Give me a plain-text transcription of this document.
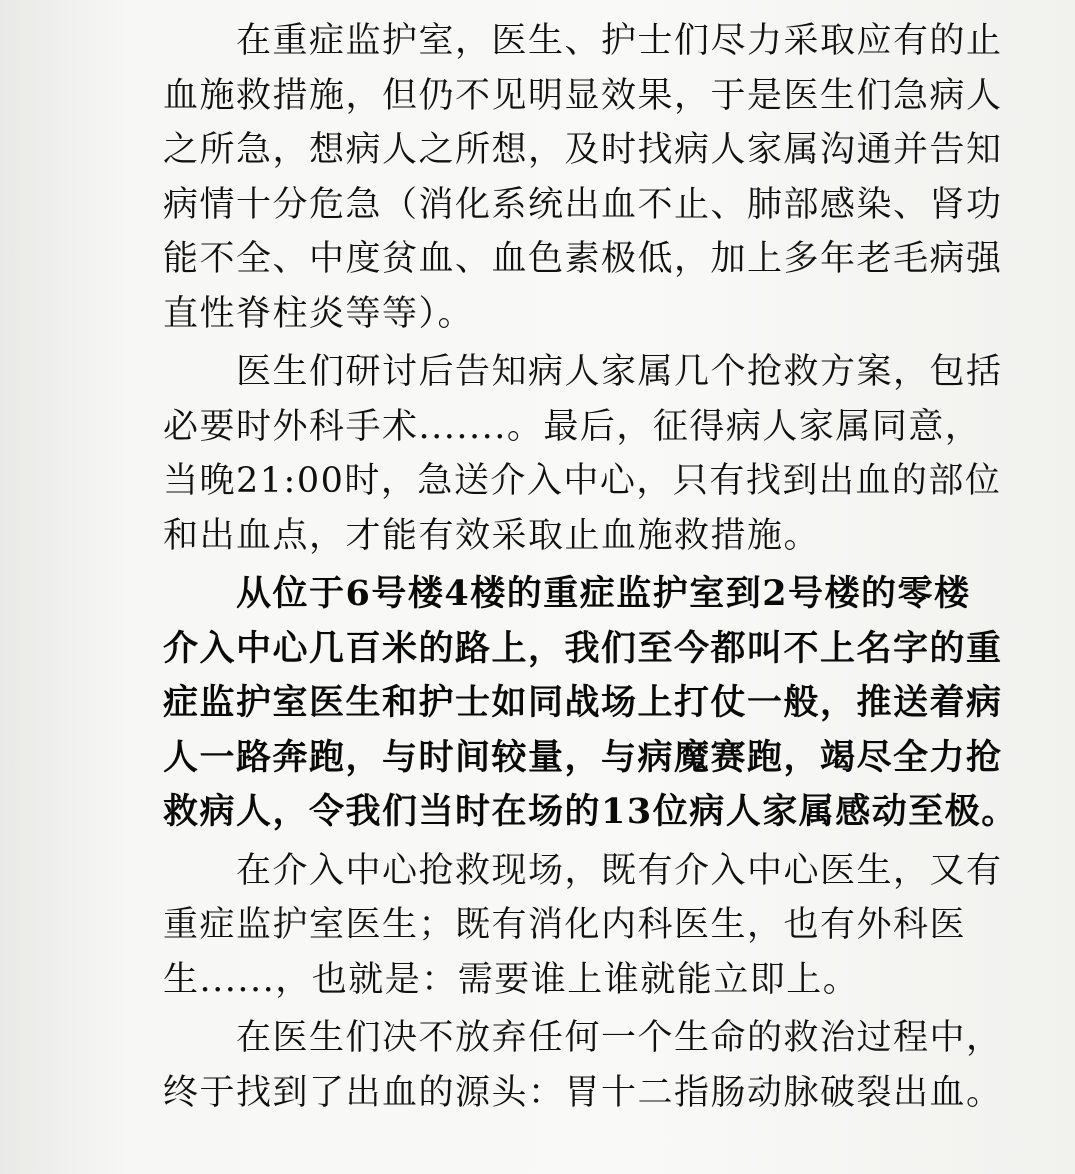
　　在重症监护室，医生、护士们尽力采取应有的止
血施救措施，但仍不见明显效果，于是医生们急病人
之所急，想病人之所想，及时找病人家属沟通并告知
病情十分危急（消化系统出血不止、肺部感染、肾功
能不全、中度贫血、血色素极低，加上多年老毛病强
直性脊柱炎等等）。
　　医生们研讨后告知病人家属几个抢救方案，包括
必要时外科手术.......。最后，征得病人家属同意，
当晚21:00时，急送介入中心，只有找到出血的部位
和出血点，才能有效采取止血施救措施。
　　从位于6号楼4楼的重症监护室到2号楼的零楼
介入中心几百米的路上，我们至今都叫不上名字的重
症监护室医生和护士如同战场上打仗一般，推送着病
人一路奔跑，与时间较量，与病魔赛跑，竭尽全力抢
救病人，令我们当时在场的13位病人家属感动至极。
　　在介入中心抢救现场，既有介入中心医生，又有
重症监护室医生；既有消化内科医生，也有外科医
生......，也就是：需要谁上谁就能立即上。
　　在医生们决不放弃任何一个生命的救治过程中，
终于找到了出血的源头：胃十二指肠动脉破裂出血。
